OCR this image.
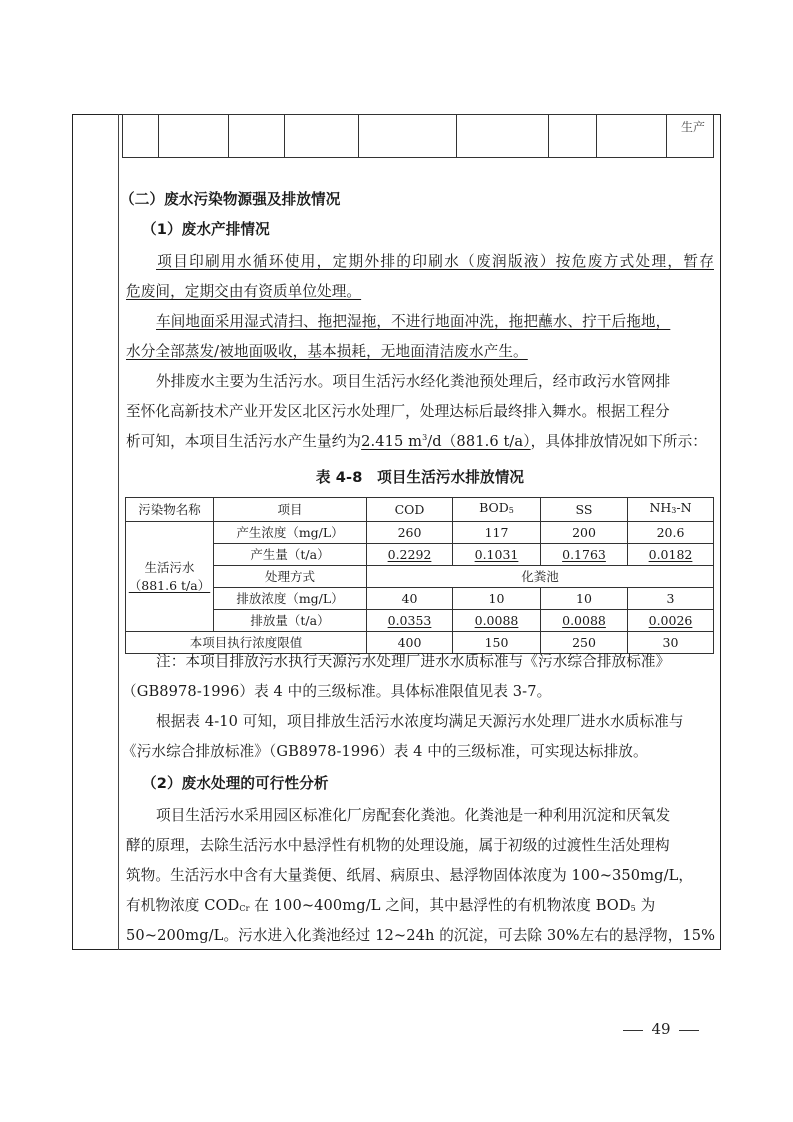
								生产
（二）废水污染物源强及排放情况
（1）废水产排情况
项目印刷用水循环使用，定期外排的印刷水（废润版液）按危废方式处理，暂存
危废间，定期交由有资质单位处理。
车间地面采用湿式清扫、拖把湿拖，不进行地面冲洗，拖把蘸水、拧干后拖地，
水分全部蒸发/被地面吸收，基本损耗，无地面清洁废水产生。
外排废水主要为生活污水。项目生活污水经化粪池预处理后，经市政污水管网排
至怀化高新技术产业开发区北区污水处理厂，处理达标后最终排入舞水。根据工程分
析可知，本项目生活污水产生量约为2.415 $m^3/d(881.6$ t/a），具体排放情况如下所示：
表 4-8　项目生活污水排放情况
污染物名称	项目	COD	$BOD_5$	SS	$NH_3-N$

生活污水
（881.6 t/a）	产生浓度（mg/L）	260	117	200	20.6
	产生量（t/a）	0.2292	0.1031	0.1763	0.0182
	处理方式	化粪池			
	排放浓度（mg/L）	40	10	10	3
	排放量（t/a）	0.0353	0.0088	0.0088	0.0026
本项目执行浓度限值		400	150	250	30
注：本项目排放污水执行天源污水处理厂进水水质标准与《污水综合排放标准》
（GB8978-1996）表 4 中的三级标准。具体标准限值见表 3-7。
根据表 4-10 可知，项目排放生活污水浓度均满足天源污水处理厂进水水质标准与
《污水综合排放标准》（GB8978-1996）表 4 中的三级标准，可实现达标排放。
（2）废水处理的可行性分析
项目生活污水采用园区标准化厂房配套化粪池。化粪池是一种利用沉淀和厌氧发
酵的原理，去除生活污水中悬浮性有机物的处理设施，属于初级的过渡性生活处理构
筑物。生活污水中含有大量粪便、纸屑、病原虫、悬浮物固体浓度为 100~350mg/L，
有机物浓度 $COD_{Cr}$ 在 100~400mg/L 之间，其中悬浮性的有机物浓度 $BOD_5$ 为
50~200mg/L。污水进入化粪池经过 12~24h 的沉淀，可去除 30%左右的悬浮物，15%
49
